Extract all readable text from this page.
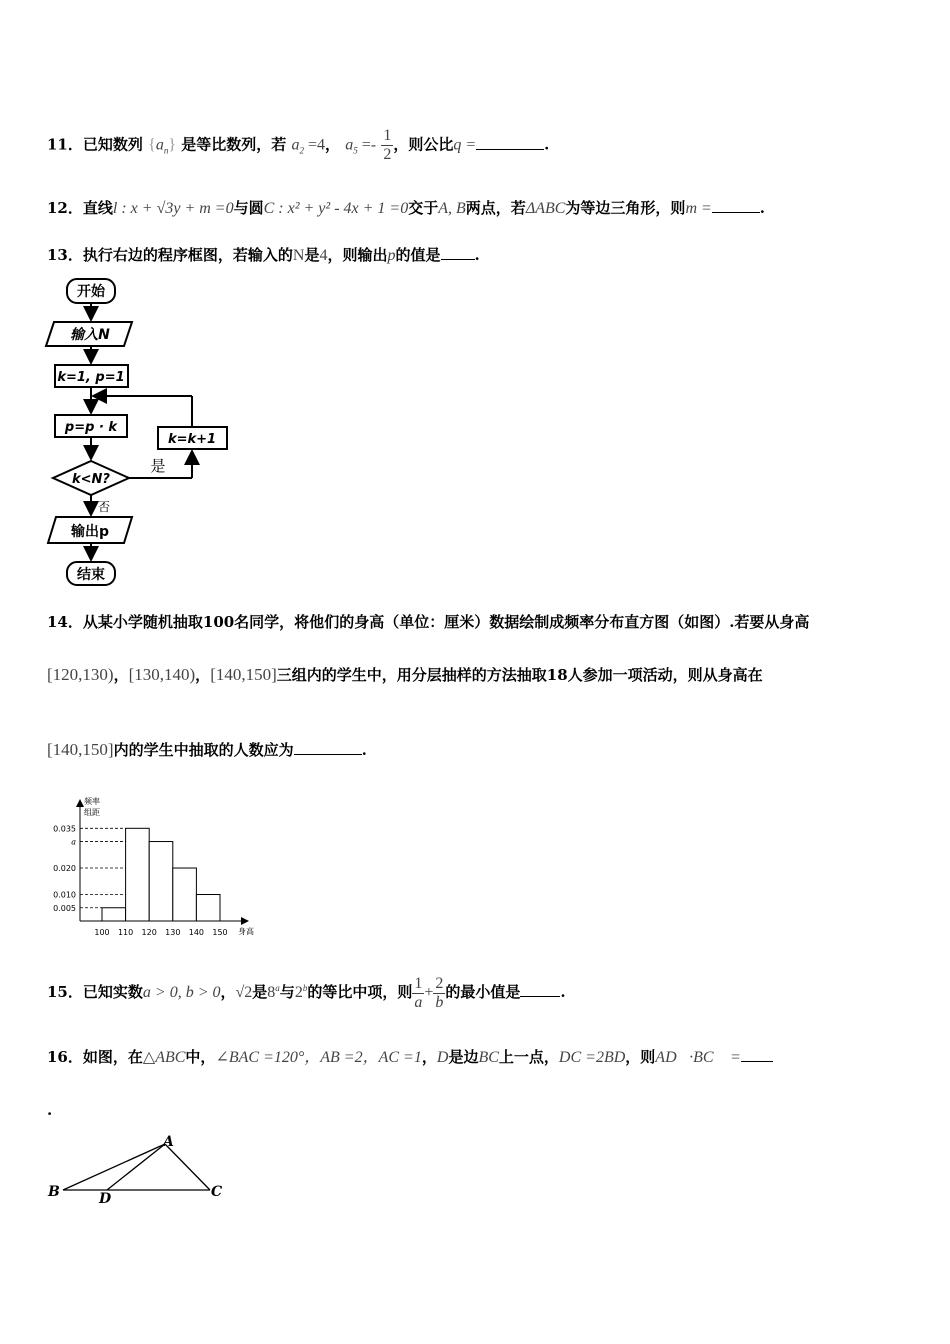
11．已知数列 $\{a_n\}$ 是等比数列，若 $a_2 =4$， $a_5 =- \frac{1}{2}$ ，则公比q =	.
12．直线l : x + √3y + m =0与圆C : x² + y² - 4x + 1 =0交于A, B两点，若ΔABC为等边三角形，则m =	.
13．执行右边的程序框图，若输入的N是4，则输出p的值是 .
开始
输入N
k=1, p=1
p=p · k
k=k+1
k<N?
是
否
输出p
结束
14．从某小学随机抽取100名同学，将他们的身高（单位：厘米）数据绘制成频率分布直方图（如图）.若要从身高
[120,130)，[130,140)，[140,150]三组内的学生中，用分层抽样的方法抽取18人参加一项活动，则从身高在
[140,150]内的学生中抽取的人数应为	.
0.035
a
0.020
0.010
0.005
100 110 120 130 140 150
频率
组距
身高
15．已知实数a > 0, b > 0，√2是8$^a$与2$^b$的等比中项，则 $\frac{1}{a} + \frac{2}{b}$ 的最小值是	.
16．如图，在△ABC中，∠BAC =120°，AB =2，AC =1，D是边BC上一点，DC =2BD，则AD⃗·BC⃗ =
.
A
B	C
D
